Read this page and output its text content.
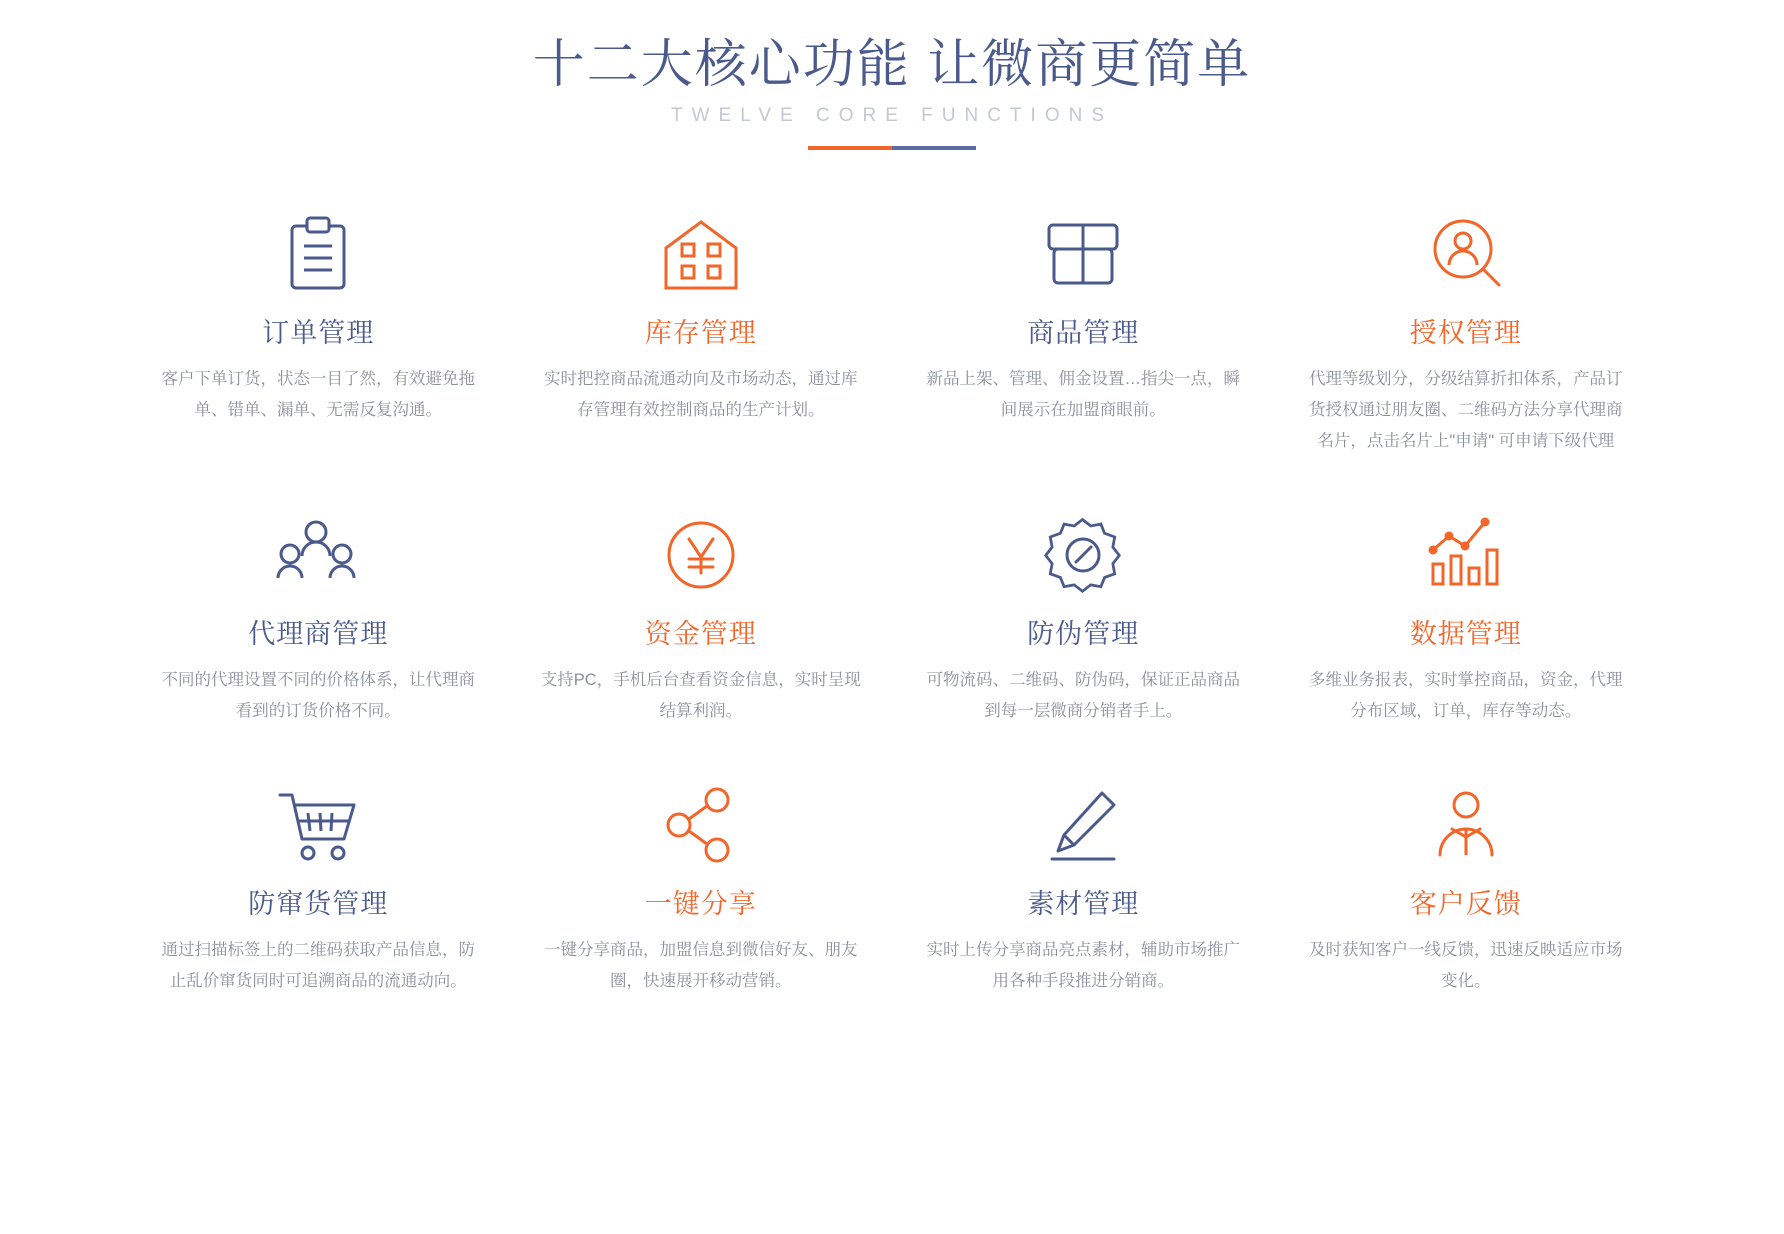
十二大核心功能 让微商更简单
TWELVE CORE FUNCTIONS
订单管理
客户下单订货，状态一目了然，有效避免拖单、错单、漏单、无需反复沟通。
库存管理
实时把控商品流通动向及市场动态，通过库存管理有效控制商品的生产计划。
商品管理
新品上架、管理、佣金设置…指尖一点，瞬间展示在加盟商眼前。
授权管理
代理等级划分，分级结算折扣体系，产品订货授权通过朋友圈、二维码方法分享代理商名片，点击名片上"申请" 可申请下级代理
代理商管理
不同的代理设置不同的价格体系，让代理商看到的订货价格不同。
资金管理
支持PC，手机后台查看资金信息，实时呈现结算利润。
防伪管理
可物流码、二维码、防伪码，保证正品商品到每一层微商分销者手上。
数据管理
多维业务报表，实时掌控商品，资金，代理分布区域，订单，库存等动态。
防窜货管理
通过扫描标签上的二维码获取产品信息，防止乱价窜货同时可追溯商品的流通动向。
一键分享
一键分享商品，加盟信息到微信好友、朋友圈，快速展开移动营销。
素材管理
实时上传分享商品亮点素材，辅助市场推广用各种手段推进分销商。
客户反馈
及时获知客户一线反馈，迅速反映适应市场变化。
